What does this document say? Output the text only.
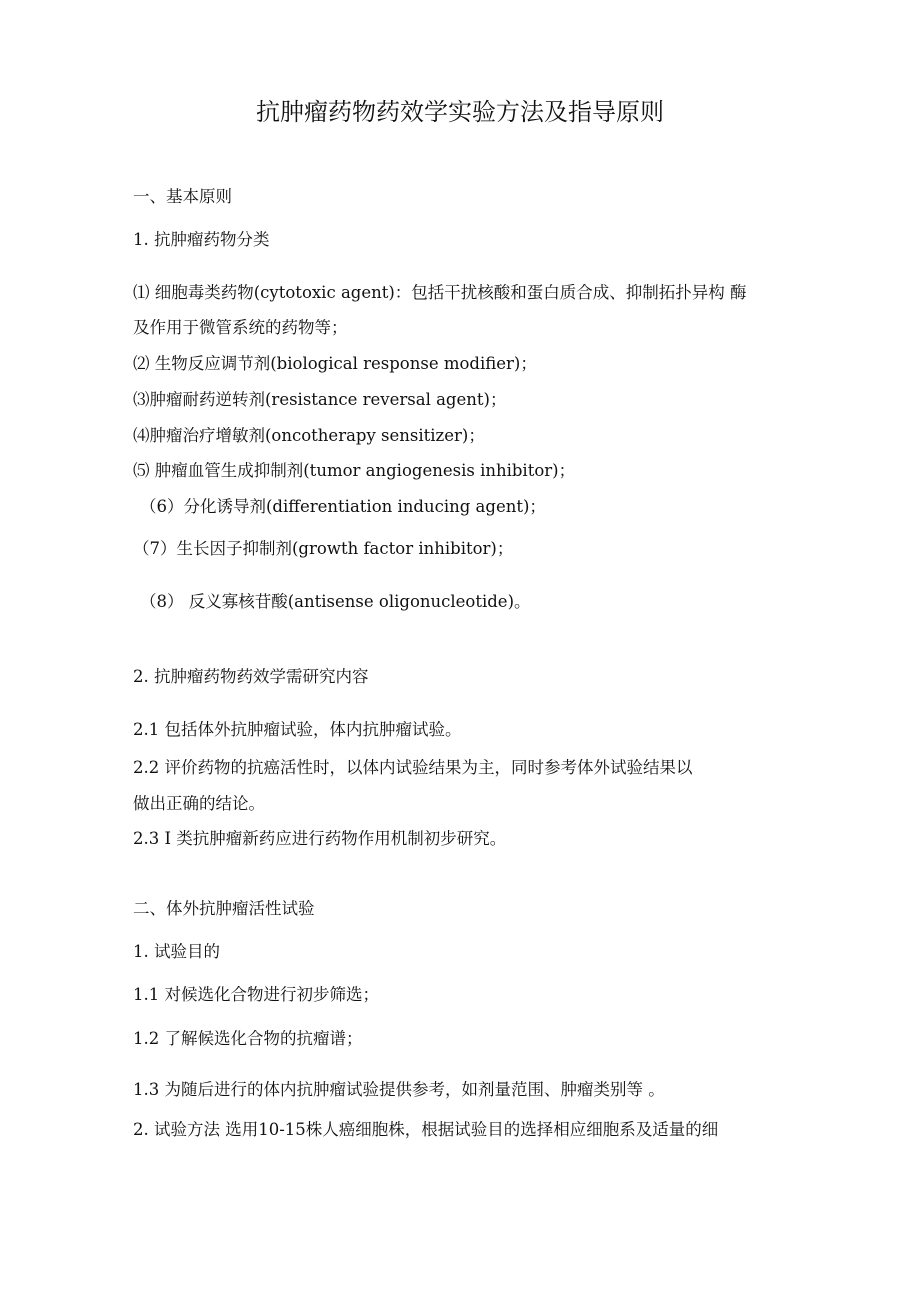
抗肿瘤药物药效学实验方法及指导原则
一、基本原则
1. 抗肿瘤药物分类
⑴ 细胞毒类药物(cytotoxic agent)：包括干扰核酸和蛋白质合成、抑制拓扑异构 酶
及作用于微管系统的药物等；
⑵ 生物反应调节剂(biological response modifier)；
⑶肿瘤耐药逆转剂(resistance reversal agent)；
⑷肿瘤治疗增敏剂(oncotherapy sensitizer)；
⑸ 肿瘤血管生成抑制剂(tumor angiogenesis inhibitor)；
（6）分化诱导剂(differentiation inducing agent)；
（7）生长因子抑制剂(growth factor inhibitor)；
（8） 反义寡核苷酸(antisense oligonucleotide)。
2. 抗肿瘤药物药效学需研究内容
2.1 包括体外抗肿瘤试验，体内抗肿瘤试验。
2.2 评价药物的抗癌活性时，以体内试验结果为主，同时参考体外试验结果以
做出正确的结论。
2.3 I 类抗肿瘤新药应进行药物作用机制初步研究。
二、体外抗肿瘤活性试验
1. 试验目的
1.1 对候选化合物进行初步筛选；
1.2 了解候选化合物的抗瘤谱；
1.3 为随后进行的体内抗肿瘤试验提供参考，如剂量范围、肿瘤类别等 。
2. 试验方法 选用10-15株人癌细胞株，根据试验目的选择相应细胞系及适量的细
